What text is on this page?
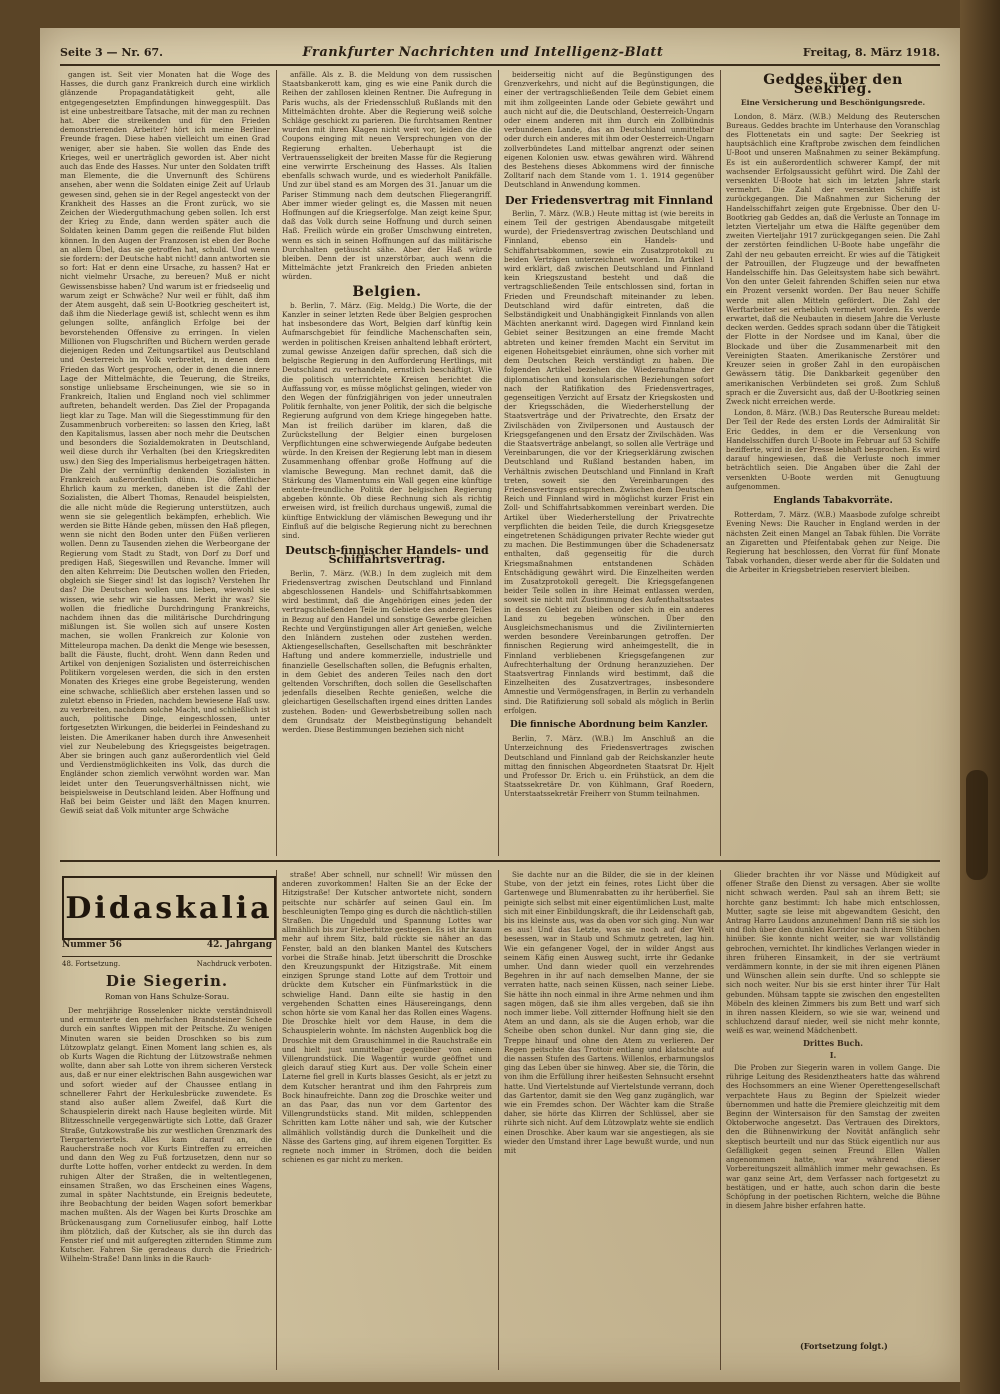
Seite 3 — Nr. 67.	Frankfurter Nachrichten und Intelligenz-Blatt	Freitag, 8. März 1918.

gangen ist. Seit vier Monaten hat die Woge des Hasses, die durch ganz Frankreich durch eine wirklich glänzende Propagandatätigkeit geht, alle entgegengesetzten Empfindungen hinweggespült. Das ist eine unbestreitbare Tatsache, mit der man zu rechnen hat. Aber die streikenden und für den Frieden demonstrierenden Arbeiter? hört ich meine Berliner Freunde fragen. Diese haben vielleicht um einen Grad weniger, aber sie haben. Sie wollen das Ende des Krieges, weil er unerträglich geworden ist. Aber nicht auch das Ende des Hasses. Nur unter den Soldaten trifft man Elemente, die die Unvernunft des Schürens ansehen, aber wenn die Soldaten einige Zeit auf Urlaub gewesen sind, gehen sie in der Regel angesteckt von der Krankheit des Hasses an die Front zurück, wo sie Zeichen der Wiederguthmachung geben sollen. Ich erst der Krieg zu Ende, dann werden später auch die Soldaten keinen Damm gegen die reißende Flut bilden können. In den Augen der Franzosen ist eben der Boche an allem Übel, das sie getroffen hat, schuld. Und wenn sie fordern: der Deutsche habt nicht! dann antworten sie so fort: Hat er denn eine Ursache, zu hassen? Hat er nicht vielmehr Ursache, zu bereuen? Muß er nicht Gewissensbisse haben? Und warum ist er friedseelig und warum zeigt er Schwäche? Nur weil er fühlt, daß ihm der Atem ausgeht, daß sein U-Bootkrieg gescheitert ist, daß ihm die Niederlage gewiß ist, schlecht wenn es ihm gelungen sollte, anfänglich Erfolge bei der bevorstehenden Offensive zu erringen. In vielen Millionen von Flugschriften und Büchern werden gerade diejenigen Reden und Zeitungsartikel aus Deutschland und Oesterreich im Volk verbreitet, in denen dem Frieden das Wort gesprochen, oder in denen die innere Lage der Mittelmächte, die Teuerung, die Streiks, sonstige unliebsame Erscheinungen, wie sie so in Frankreich, Italien und England noch viel schlimmer auftreten, behandelt werden. Das Ziel der Propaganda liegt klar zu Tage. Man will die Siegesstimmung für den Zusammenbruch vorbereiten: so lassen den Krieg, laßt den Kapitalismus, lassen aber noch mehr die Deutschen und besonders die Sozialdemokraten in Deutschland, weil diese durch ihr Verhalten (bei den Kriegskrediten usw.) den Sieg des Imperialismus herbeigetragen hätten. Die Zahl der vernünftig denkenden Sozialisten in Frankreich außerordentlich dünn. Die öffentlicher Ehrlich kaum zu merken, daneben ist die Zahl der Sozialisten, die Albert Thomas, Renaudel beispielsten, die alle nicht müde die Regierung unterstützen, auch wenn sie sie gelegentlich bekämpfen, erheblich. Wie werden sie Bitte Hände geben, müssen den Haß pflegen, wenn sie nicht den Boden unter den Füßen verlieren wollen. Denn zu Tausenden ziehen die Werbeorgane der Regierung vom Stadt zu Stadt, von Dorf zu Dorf und predigen Haß, Siegeswillen und Revanche. Immer will den alten Kehrreim: Die Deutschen wollen den Frieden, obgleich sie Sieger sind! Ist das logisch? Verstehen Ihr das? Die Deutschen wollen uns lieben, wiewohl sie wissen, wie sehr wir sie hassen. Merkt ihr was? Sie wollen die friedliche Durchdringung Frankreichs, nachdem ihnen das die militärische Durchdringung mißlungen ist. Sie wollen sich auf unsere Kosten machen, sie wollen Frankreich zur Kolonie von Mitteleuropa machen. Da denkt die Menge wie besessen, ballt die Fäuste, flucht, droht. Wenn dann Reden und Artikel von denjenigen Sozialisten und österreichischen Politikern vorgelesen werden, die sich in den ersten Monaten des Krieges eine grobe Begeisterung, wenden eine schwache, schließlich aber erstehen lassen und so zuletzt ebenso in Frieden, nachdem bewiesene Haß usw. zu verbreiten, nachdem solche Macht, und schließlich ist auch, politische Dinge, eingeschlossen, unter fortgesetzten Wirkungen, die beiderlei in Feindeshand zu leisten. Die Amerikaner haben durch ihre Anwesenheit viel zur Neubelebung des Kriegsgeistes beigetragen. Aber sie bringen auch ganz außerordentlich viel Geld und Verdienstmöglichkeiten ins Volk, das durch die Engländer schon ziemlich verwöhnt worden war. Man leidet unter den Teuerungsverhältnissen nicht, wie beispielsweise in Deutschland leiden. Aber Hoffnung und Haß bei beim Geister und läßt den Magen knurren. Gewiß seiat daß Volk mitunter arge Schwäche

anfälle. Als z. B. die Meldung von dem russischen Staatsbankerott kam, ging es wie eine Panik durch die Reihen der zahllosen kleinen Rentner. Die Aufregung in Paris wuchs, als der Friedensschluß Rußlands mit den Mittelmächten drohte. Aber die Regierung weiß solche Schläge geschickt zu parieren. Die furchtsamen Rentner wurden mit ihren Klagen nicht weit vor, leiden die die Coupons einging mit neuen Versprechungen von der Regierung erhalten. Ueberhaupt ist die Vertrauensseligkeit der breiten Masse für die Regierung eine verwirrte Erscheinung des Hasses. Als Italien ebenfalls schwach wurde, und es wiederholt Panikfälle. Und zur übel stand es am Morgen des 31. Januar um die Pariser Stimmung nach dem deutschen Fliegerangriff. Aber immer wieder gelingt es, die Massen mit neuen Hoffnungen auf die Kriegserfolge. Man zeigt keine Spur, daß das Volk durch seine Hoffnung und durch seinen Haß. Freilich würde ein großer Umschwung eintreten, wenn es sich in seinen Hoffnungen auf das militärische Durchhalten getäuscht sähe. Aber der Haß würde bleiben. Denn der ist unzerstörbar, auch wenn die Mittelmächte jetzt Frankreich den Frieden anbieten würden.

Belgien.

b. Berlin, 7. März. (Eig. Meldg.) Die Worte, die der Kanzler in seiner letzten Rede über Belgien gesprochen hat insbesondere das Wort, Belgien darf künftig kein Aufmarschgebiet für feindliche Machenschaften sein, werden in politischen Kreisen anhaltend lebhaft erörtert, zumal gewisse Anzeigen dafür sprechen, daß sich die belgische Regierung in den Aufforderung Hertlings, mit Deutschland zu verhandeln, ernstlich beschäftigt. Wie die politisch unterrichtete Kreisen berichtet die Auffassung vor, es müsse möglichst gelingen, wieder von den Wegen der fünfzigjährigen von jeder unneutralen Politik fernhalte, von jener Politik, der sich die belgische Regierung aufgrund von dem Kriege hingegeben hatte. Man ist freilich darüber im klaren, daß die Zurückstellung der Belgier einen burgelosen Verpflichtungen eine schwerwiegende Aufgabe bedeuten würde. In den Kreisen der Regierung lebt man in diesem Zusammenhang offenbar große Hoffnung auf die vlamische Bewegung. Man rechnet damit, daß die Stärkung des Vlamentums ein Wall gegen eine künftige entente-freundliche Politik der belgischen Regierung abgeben könnte. Ob diese Rechnung sich als richtig erweisen wird, ist freilich durchaus ungewiß, zumal die künftige Entwicklung der vlämischen Bewegung und ihr Einfluß auf die belgische Regierung nicht zu berechnen sind.

Deutsch-finnischer Handels- und Schiffahrtsvertrag.

Berlin, 7. März. (W.B.) In dem zugleich mit dem Friedensvertrag zwischen Deutschland und Finnland abgeschlossenen Handels- und Schiffahrtsabkommen wird bestimmt, daß die Angehörigen eines jeden der vertragschließenden Teile im Gebiete des anderen Teiles in Bezug auf den Handel und sonstige Gewerbe gleichen Rechte und Vergünstigungen aller Art genießen, welche den Inländern zustehen oder zustehen werden. Aktiengesellschaften, Gesellschaften mit beschränkter Haftung und andere kommerzielle, industrielle und finanzielle Gesellschaften sollen, die Befugnis erhalten, in dem Gebiet des anderen Teiles nach den dort geltenden Vorschriften, doch sollen die Gesellschaften jedenfalls dieselben Rechte genießen, welche die gleichartigen Gesellschaften irgend eines dritten Landes zustehen. Boden- und Gewerbsbetreibung sollen nach dem Grundsatz der Meistbegünstigung behandelt werden. Diese Bestimmungen beziehen sich nicht

beiderseitig nicht auf die Begünstigungen des Grenzverkehrs, und nicht auf die Begünstigungen, die einer der vertragschließenden Teile dem Gebiet einem mit ihm zollgeeinten Lande oder Gebiete gewährt und auch nicht auf die, die Deutschland, Oesterreich-Ungarn oder einem anderen mit ihm durch ein Zollbündnis verbundenen Lande, das an Deutschland unmittelbar oder durch ein anderes mit ihm oder Oesterreich-Ungarn zollverbündetes Land mittelbar angrenzt oder seinen eigenen Kolonien usw. etwas gewähren wird. Während des Bestehens dieses Abkommens wird der finnische Zolltarif nach dem Stande vom 1. 1. 1914 gegenüber Deutschland in Anwendung kommen.

Der Friedensvertrag mit Finnland

Berlin, 7. März. (W.B.) Heute mittag ist (wie bereits in einem Teil der gestrigen Abendausgabe mitgeteilt wurde), der Friedensvertrag zwischen Deutschland und Finnland, ebenso ein Handels- und Schiffahrtsabkommen, sowie ein Zusatzprotokoll zu beiden Verträgen unterzeichnet worden. Im Artikel 1 wird erklärt, daß zwischen Deutschland und Finnland kein Kriegszustand besteht und daß die vertragschließenden Teile entschlossen sind, fortan in Frieden und Freundschaft miteinander zu leben. Deutschland wird dafür eintreten, daß die Selbständigkeit und Unabhängigkeit Finnlands von allen Mächten anerkannt wird. Dagegen wird Finnland kein Gebiet seiner Besitzungen an eine fremde Macht abtreten und keiner fremden Macht ein Servitut im eigenen Hoheitsgebiet einräumen, ohne sich vorher mit dem Deutschen Reich verständigt zu haben. Die folgenden Artikel beziehen die Wiederaufnahme der diplomatischen und konsularischen Beziehungen sofort nach der Ratifikation des Friedensvertrages, gegenseitigen Verzicht auf Ersatz der Kriegskosten und der Kriegsschäden, die Wiederherstellung der Staatsverträge und der Privatrechte, den Ersatz der Zivilschäden von Zivilpersonen und Austausch der Kriegsgefangenen und den Ersatz der Zivilschäden. Was die Staatsverträge anbelangt, so sollen alle Verträge und Vereinbarungen, die vor der Kriegserklärung zwischen Deutschland und Rußland bestanden haben, im Verhältnis zwischen Deutschland und Finnland in Kraft treten, soweit sie den Vereinbarungen des Friedensvertrags entsprechen. Zwischen dem Deutschen Reich und Finnland wird in möglichst kurzer Frist ein Zoll- und Schiffahrtsabkommen vereinbart werden. Die Artikel über Wiederherstellung der Privatrechte verpflichten die beiden Teile, die durch Kriegsgesetze eingetretenen Schädigungen privater Rechte wieder gut zu machen. Die Bestimmungen über die Schadenersatz enthalten, daß gegenseitig für die durch Kriegsmaßnahmen entstandenen Schäden Entschädigung gewährt wird. Die Einzelheiten werden im Zusatzprotokoll geregelt. Die Kriegsgefangenen beider Teile sollen in ihre Heimat entlassen werden, soweit sie nicht mit Zustimmung des Aufenthaltsstaates in dessen Gebiet zu bleiben oder sich in ein anderes Land zu begeben wünschen. Über den Ausgleichsmechanismus und die Zivilinternierten werden besondere Vereinbarungen getroffen. Der finnischen Regierung wird anheimgestellt, die in Finnland verbliebenen Kriegsgefangenen zur Aufrechterhaltung der Ordnung heranzuziehen. Der Staatsvertrag Finnlands wird bestimmt, daß die Einzelheiten des Zusatzvertrages, insbesondere Amnestie und Vermögensfragen, in Berlin zu verhandeln sind. Die Ratifizierung soll sobald als möglich in Berlin erfolgen.

Die finnische Abordnung beim Kanzler.

Berlin, 7. März. (W.B.) Im Anschluß an die Unterzeichnung des Friedensvertrages zwischen Deutschland und Finnland gab der Reichskanzler heute mittag den finnischen Abgeordneten Staatsrat Dr. Hjelt und Professor Dr. Erich u. ein Frühstück, an dem die Staatssekretäre Dr. von Kühlmann, Graf Roedern, Unterstaatssekretär Freiherr von Stumm teilnahmen.

Geddes über den Seekrieg.
Eine Versicherung und Beschönigungsrede.

London, 8. März. (W.B.) Meldung des Reuterschen Bureaus. Geddes brachte im Unterhause den Voranschlag des Flottenetats ein und sagte: Der Seekrieg ist hauptsächlich eine Kraftprobe zwischen dem feindlichen U-Boot und unseren Maßnahmen zu seiner Bekämpfung. Es ist ein außerordentlich schwerer Kampf, der mit wachsender Erfolgsaussicht geführt wird. Die Zahl der versenkten U-Boote hat sich im letzten Jahre stark vermehrt. Die Zahl der versenkten Schiffe ist zurückgegangen. Die Maßnahmen zur Sicherung der Handelsschiffahrt zeigen gute Ergebnisse. Über den U-Bootkrieg gab Geddes an, daß die Verluste an Tonnage im letzten Vierteljahr um etwa die Hälfte gegenüber dem zweiten Vierteljahr 1917 zurückgegangen seien. Die Zahl der zerstörten feindlichen U-Boote habe ungefähr die Zahl der neu gebauten erreicht. Er wies auf die Tätigkeit der Patrouillen, der Flugzeuge und der bewaffneten Handelsschiffe hin. Das Geleitsystem habe sich bewährt. Von den unter Geleit fahrenden Schiffen seien nur etwa ein Prozent versenkt worden. Der Bau neuer Schiffe werde mit allen Mitteln gefördert. Die Zahl der Werftarbeiter sei erheblich vermehrt worden. Es werde erwartet, daß die Neubauten in diesem Jahre die Verluste decken werden. Geddes sprach sodann über die Tätigkeit der Flotte in der Nordsee und im Kanal, über die Blockade und über die Zusammenarbeit mit den Vereinigten Staaten. Amerikanische Zerstörer und Kreuzer seien in großer Zahl in den europäischen Gewässern tätig. Die Dankbarkeit gegenüber den amerikanischen Verbündeten sei groß. Zum Schluß sprach er die Zuversicht aus, daß der U-Bootkrieg seinen Zweck nicht erreichen werde.

London, 8. März. (W.B.) Das Reutersche Bureau meldet: Der Teil der Rede des ersten Lords der Admiralität Sir Eric Geddes, in dem er die Versenkung von Handelsschiffen durch U-Boote im Februar auf 53 Schiffe bezifferte, wird in der Presse lebhaft besprochen. Es wird darauf hingewiesen, daß die Verluste noch immer beträchtlich seien. Die Angaben über die Zahl der versenkten U-Boote werden mit Genugtuung aufgenommen.

Englands Tabakvorräte.

Rotterdam, 7. März. (W.B.) Maasbode zufolge schreibt Evening News: Die Raucher in England werden in der nächsten Zeit einen Mangel an Tabak fühlen. Die Vorräte an Zigaretten und Pfeifentabak gehen zur Neige. Die Regierung hat beschlossen, den Vorrat für fünf Monate Tabak vorhanden, dieser werde aber für die Soldaten und die Arbeiter in Kriegsbetrieben reserviert bleiben.

Didaskalia
Nummer 56	42. Jahrgang
48. Fortsetzung.	Nachdruck verboten.
Die Siegerin.
Roman von Hans Schulze-Sorau.

Der mehrjährige Rosselenker nickte verständnisvoll und ermunterte den mehrfachen Brandsteiner Schede durch ein sanftes Wippen mit der Peitsche. Zu wenigen Minuten waren sie beiden Droschken so bis zum Lützowplatz gelangt. Einen Moment lang schien es, als ob Kurts Wagen die Richtung der Lützowstraße nehmen wollte, dann aber sah Lotte von ihrem sicheren Versteck aus, daß er nur einer elektrischen Bahn ausgewichen war und sofort wieder auf der Chaussee entlang in schnellerer Fahrt der Herkulesbrücke zuwendete. Es stand also außer allem Zweifel, daß Kurt die Schauspielerin direkt nach Hause begleiten würde. Mit Blitzesschnelle vergegenwärtigte sich Lotte, daß Grazer Straße, Gutzkowstraße bis zur westlichen Grenzmark des Tiergartenviertels. Alles kam darauf an, die Raucherstraße noch vor Kurts Eintreffen zu erreichen und dann den Weg zu Fuß fortzusetzen, denn nur so durfte Lotte hoffen, vorher entdeckt zu werden. In dem ruhigen Alter der Straßen, die in weltentlegenen, einsamen Straßen, wo das Erscheinen eines Wagens, zumal in später Nachtstunde, ein Ereignis bedeutete, ihre Beobachtung der beiden Wagen sofort bemerkbar machen mußten. Als der Wagen bei Kurts Droschke am Brückenausgang zum Corneliusufer einbog, half Lotte ihm plötzlich, daß der Kutscher, als sie ihn durch das Fenster rief und mit aufgeregten zitternden Stimme zum Kutscher. Fahren Sie geradeaus durch die Friedrich-Wilhelm-Straße! Dann links in die Rauch-

straße! Aber schnell, nur schnell! Wir müssen den anderen zuvorkommen! Halten Sie an der Ecke der Hitzigstraße! Der Kutscher antwortete nicht, sondern peitschte nur schärfer auf seinen Gaul ein. Im beschleunigten Tempo ging es durch die nächtlich-stillen Straßen. Die Ungeduld und Spannung Lottes war allmählich bis zur Fieberhitze gestiegen. Es ist ihr kaum mehr auf ihrem Sitz, bald rückte sie näher an das Fenster, bald an den blanken Mantel des Kutschers vorbei die Straße hinab. Jetzt überschritt die Droschke den Kreuzungspunkt der Hitzigstraße. Mit einem einzigen Sprunge stand Lotte auf dem Trottoir und drückte dem Kutscher ein Fünfmarkstück in die schwielige Hand. Dann eilte sie hastig in den vergehenden Schatten eines Häusereingangs, denn schon hörte sie vom Kanal her das Rollen eines Wagens. Die Droschke hielt vor dem Hause, in dem die Schauspielerin wohnte. Im nächsten Augenblick bog die Droschke mit dem Grauschimmel in die Rauchstraße ein und hielt just unmittelbar gegenüber von einem Villengrundstück. Die Wagentür wurde geöffnet und gleich darauf stieg Kurt aus. Der volle Schein einer Laterne fiel grell in Kurts blasses Gesicht, als er jetzt zu dem Kutscher herantrat und ihm den Fahrpreis zum Bock hinaufreichte. Dann zog die Droschke weiter und an das Paar, das nun vor dem Gartentor des Villengrundstücks stand. Mit milden, schleppenden Schritten kam Lotte näher und sah, wie der Kutscher allmählich vollständig durch die Dunkelheit und die Nässe des Gartens ging, auf ihrem eigenen Torgitter. Es regnete noch immer in Strömen, doch die beiden schienen es gar nicht zu merken.

Sie dachte nur an die Bilder, die sie in der kleinen Stube, von der jetzt ein feines, rotes Licht über die Gartenwege und Blumenrabatten zu ihr herüberfiel. Sie peinigte sich selbst mit einer eigentümlichen Lust, malte sich mit einer Einbildungskraft, die ihr Leidenschaft gab, bis ins kleinste aus, was da oben vor sich ging. Nun war es aus! Und das Letzte, was sie noch auf der Welt besessen, war in Staub und Schmutz getreten, lag hin. Wie ein gefangener Vogel, der in wilder Angst aus seinem Käfig einen Ausweg sucht, irrte ihr Gedanke umher. Und dann wieder quoll ein verzehrendes Begehren in ihr auf nach demselben Manne, der sie verraten hatte, nach seinen Küssen, nach seiner Liebe. Sie hätte ihn noch einmal in ihre Arme nehmen und ihm sagen mögen, daß sie ihm alles vergeben, daß sie ihn noch immer liebe. Voll zitternder Hoffnung hielt sie den Atem an und dann, als sie die Augen erhob, war die Scheibe oben schon dunkel. Nur dann ging sie, die Treppe hinauf und ohne den Atem zu verlieren. Der Regen peitschte das Trottoir entlang und klatschte auf die nassen Stufen des Gartens. Willenlos, erbarmungslos ging das Leben über sie hinweg. Aber sie, die Törin, die von ihm die Erfüllung ihrer heißesten Sehnsucht ersehnt hatte. Und Viertelstunde auf Viertelstunde verrann, doch das Gartentor, damit sie den Weg ganz zugänglich, war wie ein Fremdes schon. Der Wächter kam die Straße daher, sie hörte das Klirren der Schlüssel, aber sie rührte sich nicht. Auf dem Lützowplatz wehte sie endlich einen Droschke. Aber kaum war sie angestiegen, als sie wieder den Umstand ihrer Lage bewußt wurde, und nun mit

Glieder brachten ihr vor Nässe und Müdigkeit auf offener Straße den Dienst zu versagen. Aber sie wollte nicht schwach werden. Paul sah an ihrem Bett; sie horchte ganz bestimmt: Ich habe mich entschlossen, Mutter, sagte sie leise mit abgewandtem Gesicht, den Antrag Harro Laudons anzunehmen! Dann riß sie sich los und floh über den dunklen Korridor nach ihrem Stübchen hinüber. Sie konnte nicht weiter, sie war vollständig gebrochen, vernichtet. Ihr kindliches Verlangen wieder in ihren früheren Einsamkeit, in der sie verträumt verdämmern konnte, in der sie mit ihren eigenen Plänen und Wünschen allein sein durfte. Und so schleppte sie sich noch weiter. Nur bis sie erst hinter ihrer Tür Halt gebunden. Mühsam tappte sie zwischen den engestellten Möbeln des kleinen Zimmers bis zum Bett und warf sich in ihren nassen Kleidern, so wie sie war, weinend und schluchzend darauf nieder, weil sie nicht mehr konnte, weiß es war, weinend Mädchenbett.

Drittes Buch.
I.

Die Proben zur Siegerin waren in vollem Gange. Die rührige Leitung des Residenztheaters hatte das während des Hochsommers an eine Wiener Operettengesellschaft verpachtete Haus zu Beginn der Spielzeit wieder übernommen und hatte die Premiere gleichzeitig mit dem Beginn der Wintersaison für den Samstag der zweiten Oktoberwoche angesetzt. Das Vertrauen des Direktors, den die Bühnenwirkung der Novität anfänglich sehr skeptisch beurteilt und nur das Stück eigentlich nur aus Gefälligkeit gegen seinen Freund Ellen Wallen angenommen hatte, war während dieser Vorbereitungszeit allmählich immer mehr gewachsen. Es war ganz seine Art, dem Verfasser nach fortgesetzt zu bestätigen, und er hatte, auch schon darin die beste Schöpfung in der poetischen Richtern, welche die Bühne in diesem Jahre bisher erfahren hatte.

(Fortsetzung folgt.)
